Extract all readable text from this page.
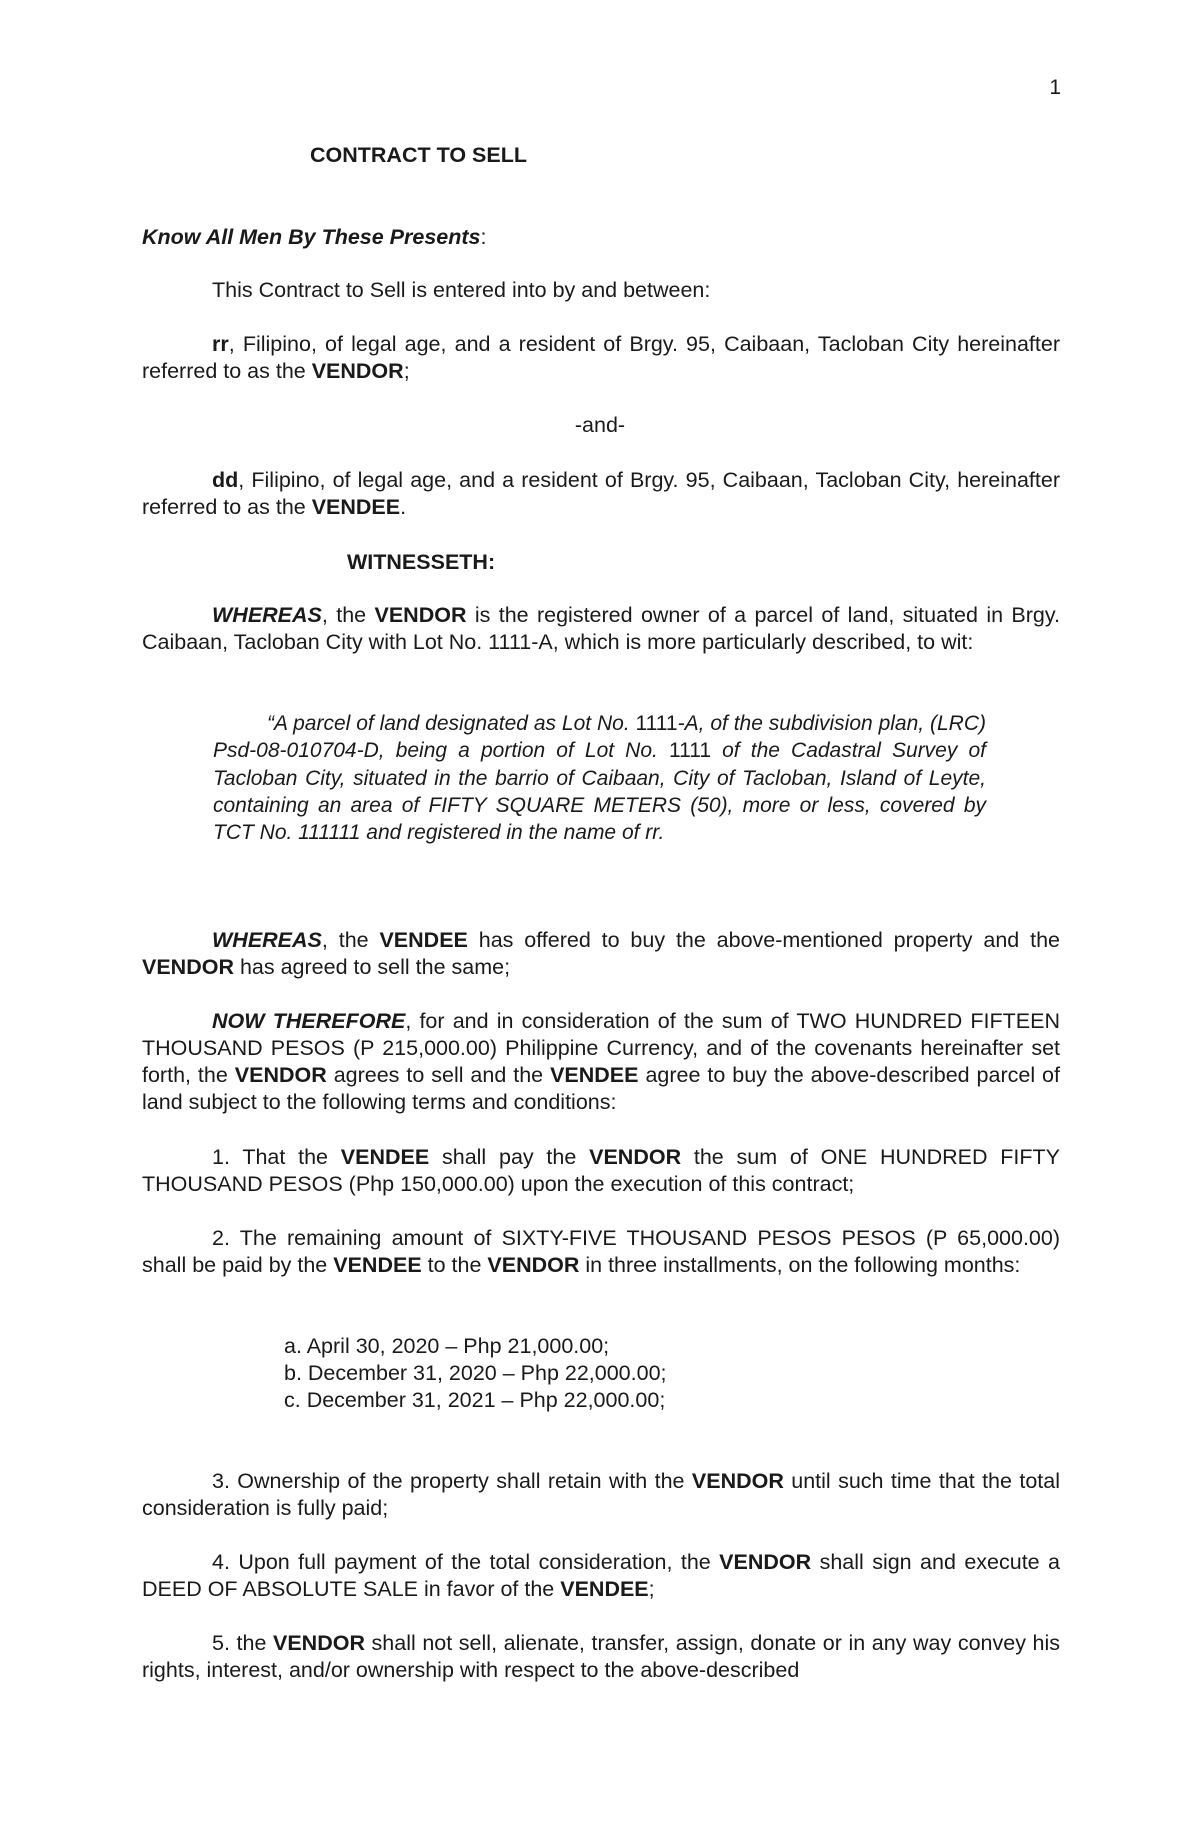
1
CONTRACT TO SELL
Know All Men By These Presents:
This Contract to Sell is entered into by and between:
rr, Filipino, of legal age, and a resident of Brgy. 95, Caibaan, Tacloban City hereinafter referred to as the VENDOR;
-and-
dd, Filipino, of legal age, and a resident of Brgy. 95, Caibaan, Tacloban City, hereinafter referred to as the VENDEE.
WITNESSETH:
WHEREAS, the VENDOR is the registered owner of a parcel of land, situated in Brgy. Caibaan, Tacloban City with Lot No. 1111-A, which is more particularly described, to wit:
“A parcel of land designated as Lot No. 1111-A, of the subdivision plan, (LRC) Psd-08-010704-D, being a portion of Lot No. 1111 of the Cadastral Survey of Tacloban City, situated in the barrio of Caibaan, City of Tacloban, Island of Leyte, containing an area of FIFTY SQUARE METERS (50), more or less, covered by TCT No. 111111 and registered in the name of rr.
WHEREAS, the VENDEE has offered to buy the above-mentioned property and the VENDOR has agreed to sell the same;
NOW THEREFORE, for and in consideration of the sum of TWO HUNDRED FIFTEEN THOUSAND PESOS (P 215,000.00) Philippine Currency, and of the covenants hereinafter set forth, the VENDOR agrees to sell and the VENDEE agree to buy the above-described parcel of land subject to the following terms and conditions:
1. That the VENDEE shall pay the VENDOR the sum of ONE HUNDRED FIFTY THOUSAND PESOS (Php 150,000.00) upon the execution of this contract;
2. The remaining amount of SIXTY-FIVE THOUSAND PESOS PESOS (P 65,000.00) shall be paid by the VENDEE to the VENDOR in three installments, on the following months:
a. April 30, 2020 – Php 21,000.00;
b. December 31, 2020 – Php 22,000.00;
c. December 31, 2021 – Php 22,000.00;
3. Ownership of the property shall retain with the VENDOR until such time that the total consideration is fully paid;
4. Upon full payment of the total consideration, the VENDOR shall sign and execute a DEED OF ABSOLUTE SALE in favor of the VENDEE;
5. the VENDOR shall not sell, alienate, transfer, assign, donate or in any way convey his rights, interest, and/or ownership with respect to the above-described
